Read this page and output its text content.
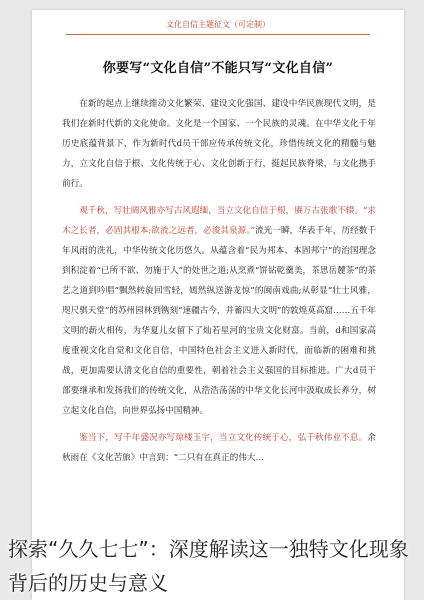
文化自信主题征文（可定制）
你要写“文化自信”不能只写“文化自信”

在新的起点上继续推动文化繁荣、建设文化强国、建设中华民族现代文明，是我们在新时代新的文化使命。文化是一个国家、一个民族的灵魂。在中华文化千年历史底蕴背景下，作为新时代d员干部应传承传统文化，珍惜传统文化的精髓与魅力，立文化自信于根、文化传统于心、文化创新于行，挺起民族脊梁，与文化携手前行。

观千秋，写壮阔风雅亦写古风遐缅，当立文化自信于根，赓万古张歌不辍。“求木之长者，必固其根本;欲流之远者，必浚其泉源。”流光一瞬，华表千年，历经数千年风雨的洗礼，中华传统文化历悠久。从蕴含着“民为邦本、本固邦宁”的治国理念到积淀着“已所不欲、勿施于人”的处世之道;从烹煮“饼钻乾羹美，茶思岳麓茶”的茶艺之道到吟唱“飘然转旋回雪轻，嫣然纵送游龙惊”的闽南戏曲;从彰显“壮士风雅，咫尺骐天堂”的苏州园林到镌刻“速疆古今，并蓄四大文明”的敦煌莫高窟……五千年文明的薪火相传，为华夏儿女留下了灿若星河的宝贵文化财富。当前，d和国家高度重视文化自觉和文化自信，中国特色社会主义进入新时代，面临新的困难和挑战，更加需要认清文化自信的重要性，朝着社会主义强国的目标推进。广大d员干部要继承和发扬我们的传统文化，从浩浩荡荡的中华文化长河中汲取成长养分，树立起文化自信，向世界弘扬中国精神。

鉴当下，写千年盛况亦写琼楼玉宇，当立文化传统于心，弘千秋伟业不息。余秋雨在《文化苦旅》中言到：“二只有在真正的伟大…

探索“久久七七”：深度解读这一独特文化现象背后的历史与意义
